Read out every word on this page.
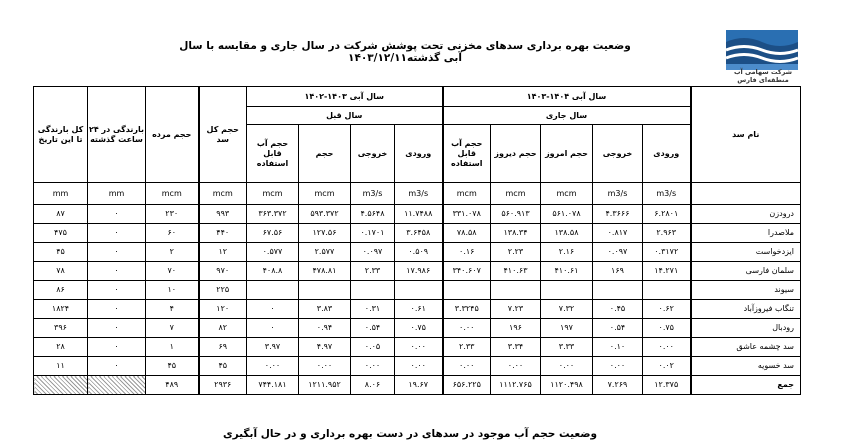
شرکت سهامی آب منطقه‌ای فارس
وضعیت بهره برداری سدهای مخزنی تحت پوشش شرکت در سال جاری و مقایسه با سال آبی گذشته۱۴۰۳/۱۲/۱۱
کل بارندگی تا این تاریخ	بارندگی در ۲۴ ساعت گذشته	حجم مرده	حجم کل سد	سال آبی ۱۴۰۳-۱۴۰۲				سال آبی ۱۴۰۴-۱۴۰۳					نام سد
				سال قبل				سال جاری					
				حجم آب قابل استفاده	حجم	خروجی	ورودی	حجم آب قابل استفاده	حجم دیروز	حجم امروز	خروجی	ورودی	
mm	mm	mcm	mcm	mcm	mcm	m3/s	m3/s	mcm	mcm	mcm	m3/s	m3/s	
۸۷	۰	۲۳۰	۹۹۳	۳۶۳.۳۷۲	۵۹۳.۳۷۲	۴.۵۶۴۸	۱۱.۷۴۸۸	۳۳۱.۰۷۸	۵۶۰.۹۱۳	۵۶۱.۰۷۸	۴.۳۶۶۶	۶.۲۸۰۱	درودزن
۴۷۵	۰	۶۰	۴۴۰	۶۷.۵۶	۱۲۷.۵۶	۰.۱۷۰۱	۳.۶۴۵۸	۷۸.۵۸	۱۳۸.۳۴	۱۳۸.۵۸	۰.۸۱۷	۲.۹۶۳	ملاصدرا
۴۵	۰	۲	۱۲	۰.۵۷۷	۲.۵۷۷	۰.۰۹۷	۰.۵۰۹	۰.۱۶	۲.۲۳	۲.۱۶	۰.۰۹۷	۰.۳۱۷۲	ایزدخواست
۷۸	۰	۷۰	۹۷۰	۴۰۸.۸	۴۷۸.۸۱	۲.۳۳	۱۷.۹۸۶	۳۴۰.۶۰۷	۴۱۰.۶۳	۴۱۰.۶۱	۱۶۹	۱۴.۲۷۱	سلمان فارسی
۸۶	۰	۱۰	۲۲۵										سیوند
۱۸۲۴	۰	۴	۱۲۰	۰	۳.۸۳	۰.۳۱	۰.۶۱	۳.۳۲۴۵	۷.۲۳	۷.۳۲	۰.۴۵	۰.۶۲	تنگاب فیروزآباد
۳۹۶	۰	۷	۸۲	۰	۰.۹۴	۰.۵۴	۰.۷۵	۰.۰۰	۱۹۶	۱۹۷	۰.۵۴	۰.۷۵	رودبال
۲۸	۰	۱	۶۹	۳.۹۷	۴.۹۷	۰.۰۵	۰.۰۰	۲.۳۳	۳.۳۴	۳.۳۳	۰.۱۰	۰.۰۰	سد چشمه عاشق
۱۱	۰	۴۵	۴۵	۰.۰۰	۰.۰۰	۰.۰۰	۰.۰۰	۰.۰۰	۰.۰۰	۰.۰۰	۰.۰۰	۰.۰۲	سد خسویه
		۴۸۹	۲۹۳۶	۷۴۴.۱۸۱	۱۲۱۱.۹۵۲	۸.۰۶	۱۹.۶۷	۶۵۶.۲۲۵	۱۱۱۲.۷۶۵	۱۱۲۰.۴۹۸	۷.۲۶۹	۱۲.۳۷۵	جمع
وضعیت حجم آب موجود در سدهای در دست بهره برداری و در حال آبگیری
